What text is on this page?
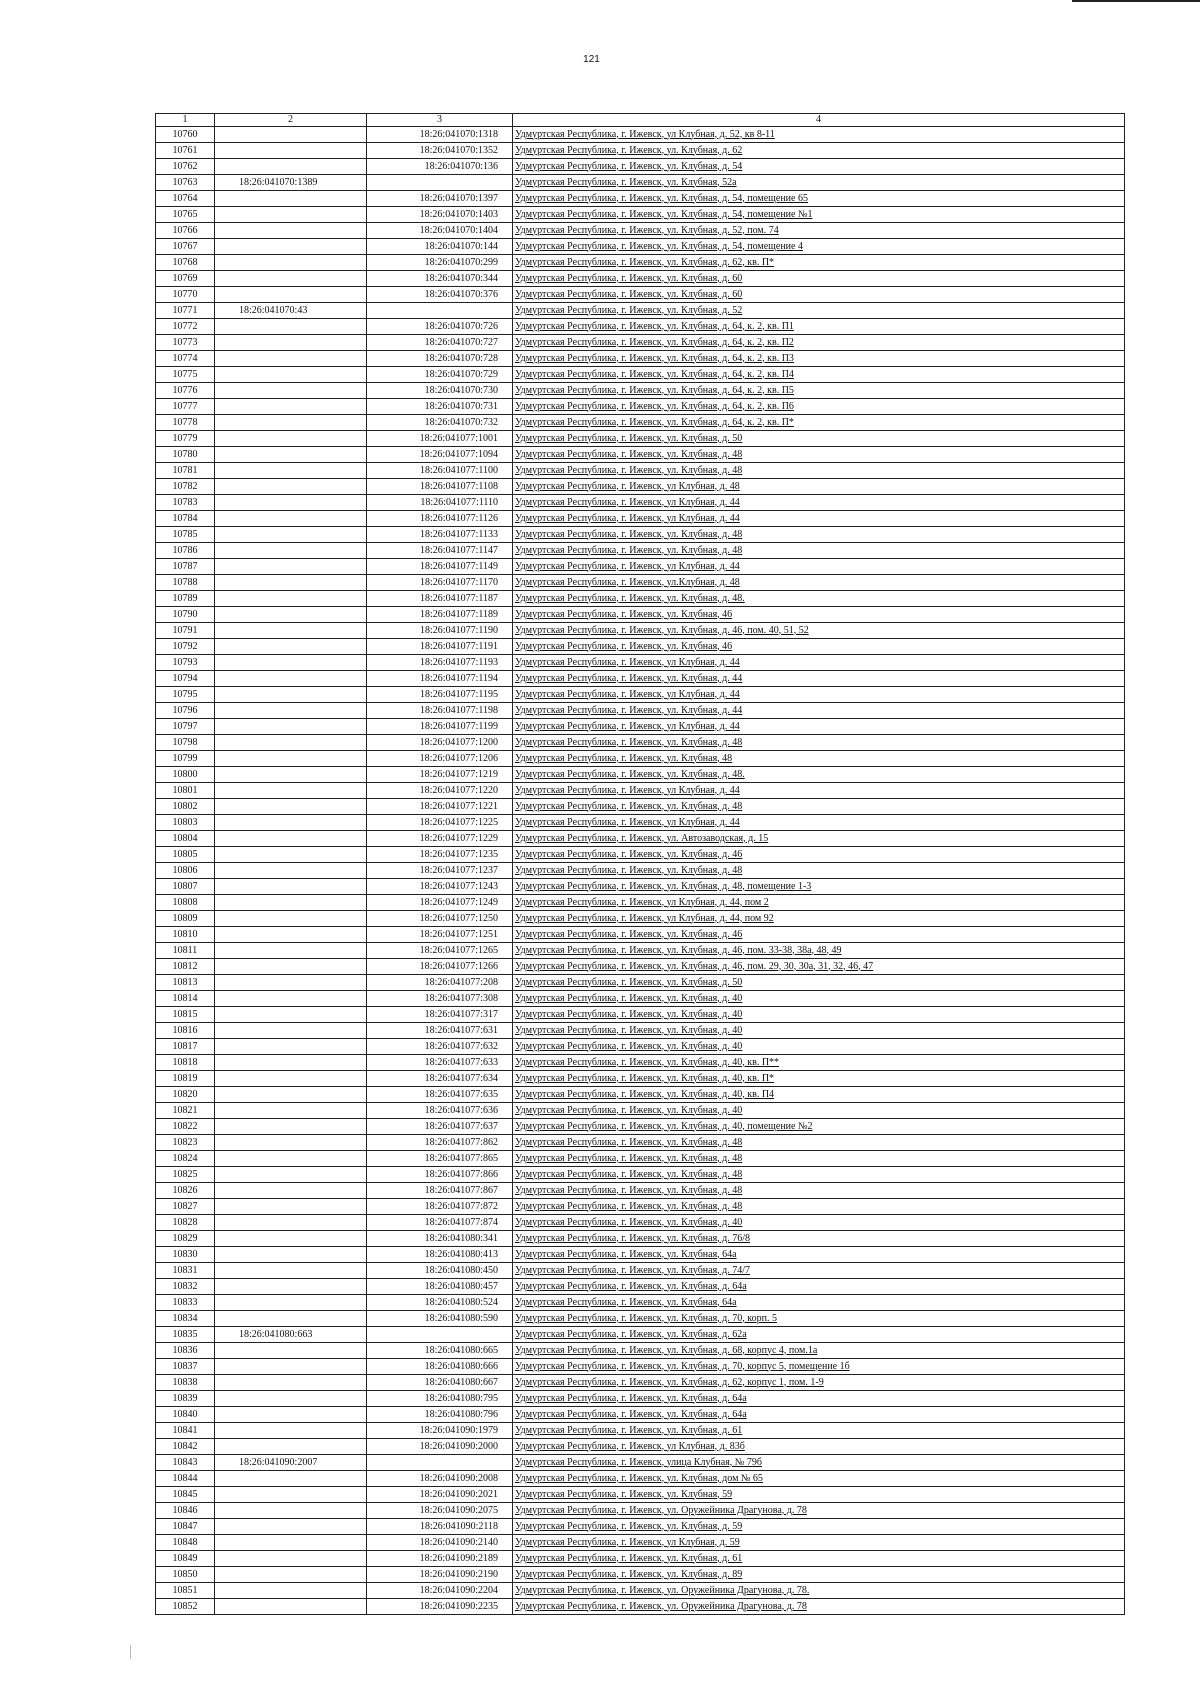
121
1	2	3	4
10760		18:26:041070:1318	Удмуртская Республика, г. Ижевск, ул Клубная, д. 52, кв 8-11
10761		18:26:041070:1352	Удмуртская Республика, г. Ижевск, ул. Клубная, д. 62
10762		18:26:041070:136	Удмуртская Республика, г. Ижевск, ул. Клубная, д. 54
10763	18:26:041070:1389		Удмуртская Республика, г. Ижевск, ул. Клубная, 52а
10764		18:26:041070:1397	Удмуртская Республика, г. Ижевск, ул. Клубная, д. 54, помещение 65
10765		18:26:041070:1403	Удмуртская Республика, г. Ижевск, ул. Клубная, д. 54, помещение №1
10766		18:26:041070:1404	Удмуртская Республика, г. Ижевск, ул. Клубная, д. 52, пом. 74
10767		18:26:041070:144	Удмуртская Республика, г. Ижевск, ул. Клубная, д. 54, помещение 4
10768		18:26:041070:299	Удмуртская Республика, г. Ижевск, ул. Клубная, д. 62, кв. П*
10769		18:26:041070:344	Удмуртская Республика, г. Ижевск, ул. Клубная, д. 60
10770		18:26:041070:376	Удмуртская Республика, г. Ижевск, ул. Клубная, д. 60
10771	18:26:041070:43		Удмуртская Республика, г. Ижевск, ул. Клубная, д. 52
10772		18:26:041070:726	Удмуртская Республика, г. Ижевск, ул. Клубная, д. 64, к. 2, кв. П1
10773		18:26:041070:727	Удмуртская Республика, г. Ижевск, ул. Клубная, д. 64, к. 2, кв. П2
10774		18:26:041070:728	Удмуртская Республика, г. Ижевск, ул. Клубная, д. 64, к. 2, кв. П3
10775		18:26:041070:729	Удмуртская Республика, г. Ижевск, ул. Клубная, д. 64, к. 2, кв. П4
10776		18:26:041070:730	Удмуртская Республика, г. Ижевск, ул. Клубная, д. 64, к. 2, кв. П5
10777		18:26:041070:731	Удмуртская Республика, г. Ижевск, ул. Клубная, д. 64, к. 2, кв. П6
10778		18:26:041070:732	Удмуртская Республика, г. Ижевск, ул. Клубная, д. 64, к. 2, кв. П*
10779		18:26:041077:1001	Удмуртская Республика, г. Ижевск, ул. Клубная, д. 50
10780		18:26:041077:1094	Удмуртская Республика, г. Ижевск, ул. Клубная, д. 48
10781		18:26:041077:1100	Удмуртская Республика, г. Ижевск, ул. Клубная, д. 48
10782		18:26:041077:1108	Удмуртская Республика, г. Ижевск, ул Клубная, д. 48
10783		18:26:041077:1110	Удмуртская Республика, г. Ижевск, ул Клубная, д. 44
10784		18:26:041077:1126	Удмуртская Республика, г. Ижевск, ул Клубная, д. 44
10785		18:26:041077:1133	Удмуртская Республика, г. Ижевск, ул. Клубная, д. 48
10786		18:26:041077:1147	Удмуртская Республика, г. Ижевск, ул. Клубная, д. 48
10787		18:26:041077:1149	Удмуртская Республика, г. Ижевск, ул Клубная, д. 44
10788		18:26:041077:1170	Удмуртская Республика, г. Ижевск, ул.Клубная, д. 48
10789		18:26:041077:1187	Удмуртская Республика, г. Ижевск, ул. Клубная, д. 48.
10790		18:26:041077:1189	Удмуртская Республика, г. Ижевск, ул. Клубная, 46
10791		18:26:041077:1190	Удмуртская Республика, г. Ижевск, ул. Клубная, д. 46, пом. 40, 51, 52
10792		18:26:041077:1191	Удмуртская Республика, г. Ижевск, ул. Клубная, 46
10793		18:26:041077:1193	Удмуртская Республика, г. Ижевск, ул Клубная, д. 44
10794		18:26:041077:1194	Удмуртская Республика, г. Ижевск, ул. Клубная, д. 44
10795		18:26:041077:1195	Удмуртская Республика, г. Ижевск, ул Клубная, д. 44
10796		18:26:041077:1198	Удмуртская Республика, г. Ижевск, ул. Клубная, д. 44
10797		18:26:041077:1199	Удмуртская Республика, г. Ижевск, ул Клубная, д. 44
10798		18:26:041077:1200	Удмуртская Республика, г. Ижевск, ул. Клубная, д. 48
10799		18:26:041077:1206	Удмуртская Республика, г. Ижевск, ул. Клубная, 48
10800		18:26:041077:1219	Удмуртская Республика, г. Ижевск, ул. Клубная, д. 48.
10801		18:26:041077:1220	Удмуртская Республика, г. Ижевск, ул Клубная, д. 44
10802		18:26:041077:1221	Удмуртская Республика, г. Ижевск, ул. Клубная, д. 48
10803		18:26:041077:1225	Удмуртская Республика, г. Ижевск, ул Клубная, д. 44
10804		18:26:041077:1229	Удмуртская Республика, г. Ижевск, ул. Автозаводская, д. 15
10805		18:26:041077:1235	Удмуртская Республика, г. Ижевск, ул. Клубная, д. 46
10806		18:26:041077:1237	Удмуртская Республика, г. Ижевск, ул. Клубная, д. 48
10807		18:26:041077:1243	Удмуртская Республика, г. Ижевск, ул. Клубная, д. 48, помещение 1-3
10808		18:26:041077:1249	Удмуртская Республика, г. Ижевск, ул Клубная, д. 44, пом 2
10809		18:26:041077:1250	Удмуртская Республика, г. Ижевск, ул Клубная, д. 44, пом 92
10810		18:26:041077:1251	Удмуртская Республика, г. Ижевск, ул. Клубная, д. 46
10811		18:26:041077:1265	Удмуртская Республика, г. Ижевск, ул. Клубная, д. 46, пом. 33-38, 38а, 48, 49
10812		18:26:041077:1266	Удмуртская Республика, г. Ижевск, ул. Клубная, д. 46, пом. 29, 30, 30а, 31, 32, 46, 47
10813		18:26:041077:208	Удмуртская Республика, г. Ижевск, ул. Клубная, д. 50
10814		18:26:041077:308	Удмуртская Республика, г. Ижевск, ул. Клубная, д. 40
10815		18:26:041077:317	Удмуртская Республика, г. Ижевск, ул. Клубная, д. 40
10816		18:26:041077:631	Удмуртская Республика, г. Ижевск, ул. Клубная, д. 40
10817		18:26:041077:632	Удмуртская Республика, г. Ижевск, ул. Клубная, д. 40
10818		18:26:041077:633	Удмуртская Республика, г. Ижевск, ул. Клубная, д. 40, кв. П**
10819		18:26:041077:634	Удмуртская Республика, г. Ижевск, ул. Клубная, д. 40, кв. П*
10820		18:26:041077:635	Удмуртская Республика, г. Ижевск, ул. Клубная, д. 40, кв. П4
10821		18:26:041077:636	Удмуртская Республика, г. Ижевск, ул. Клубная, д. 40
10822		18:26:041077:637	Удмуртская Республика, г. Ижевск, ул. Клубная, д. 40, помещение №2
10823		18:26:041077:862	Удмуртская Республика, г. Ижевск, ул. Клубная, д. 48
10824		18:26:041077:865	Удмуртская Республика, г. Ижевск, ул. Клубная, д. 48
10825		18:26:041077:866	Удмуртская Республика, г. Ижевск, ул. Клубная, д. 48
10826		18:26:041077:867	Удмуртская Республика, г. Ижевск, ул. Клубная, д. 48
10827		18:26:041077:872	Удмуртская Республика, г. Ижевск, ул. Клубная, д. 48
10828		18:26:041077:874	Удмуртская Республика, г. Ижевск, ул. Клубная, д. 40
10829		18:26:041080:341	Удмуртская Республика, г. Ижевск, ул. Клубная, д. 76/8
10830		18:26:041080:413	Удмуртская Республика, г. Ижевск, ул. Клубная, 64а
10831		18:26:041080:450	Удмуртская Республика, г. Ижевск, ул. Клубная, д. 74/7
10832		18:26:041080:457	Удмуртская Республика, г. Ижевск, ул. Клубная, д. 64а
10833		18:26:041080:524	Удмуртская Республика, г. Ижевск, ул. Клубная, 64а
10834		18:26:041080:590	Удмуртская Республика, г. Ижевск, ул. Клубная, д. 70, корп. 5
10835	18:26:041080:663		Удмуртская Республика, г. Ижевск, ул. Клубная, д. 62а
10836		18:26:041080:665	Удмуртская Республика, г. Ижевск, ул. Клубная, д. 68, корпус 4, пом.1а
10837		18:26:041080:666	Удмуртская Республика, г. Ижевск, ул. Клубная, д. 70, корпус 5, помещение 1б
10838		18:26:041080:667	Удмуртская Республика, г. Ижевск, ул. Клубная, д. 62, корпус 1, пом. 1-9
10839		18:26:041080:795	Удмуртская Республика, г. Ижевск, ул. Клубная, д. 64а
10840		18:26:041080:796	Удмуртская Республика, г. Ижевск, ул. Клубная, д. 64а
10841		18:26:041090:1979	Удмуртская Республика, г. Ижевск, ул. Клубная, д. 61
10842		18:26:041090:2000	Удмуртская Республика, г. Ижевск, ул Клубная, д. 83б
10843	18:26:041090:2007		Удмуртская Республика, г. Ижевск, улица Клубная, № 79б
10844		18:26:041090:2008	Удмуртская Республика, г. Ижевск, ул. Клубная, дом № 65
10845		18:26:041090:2021	Удмуртская Республика, г. Ижевск, ул. Клубная, 59
10846		18:26:041090:2075	Удмуртская Республика, г. Ижевск, ул. Оружейника Драгунова, д. 78
10847		18:26:041090:2118	Удмуртская Республика, г. Ижевск, ул. Клубная, д. 59
10848		18:26:041090:2140	Удмуртская Республика, г. Ижевск, ул Клубная, д. 59
10849		18:26:041090:2189	Удмуртская Республика, г. Ижевск, ул. Клубная, д. 61
10850		18:26:041090:2190	Удмуртская Республика, г. Ижевск, ул. Клубная, д. 89
10851		18:26:041090:2204	Удмуртская Республика, г. Ижевск, ул. Оружейника Драгунова, д. 78.
10852		18:26:041090:2235	Удмуртская Республика, г. Ижевск, ул. Оружейника Драгунова, д. 78
